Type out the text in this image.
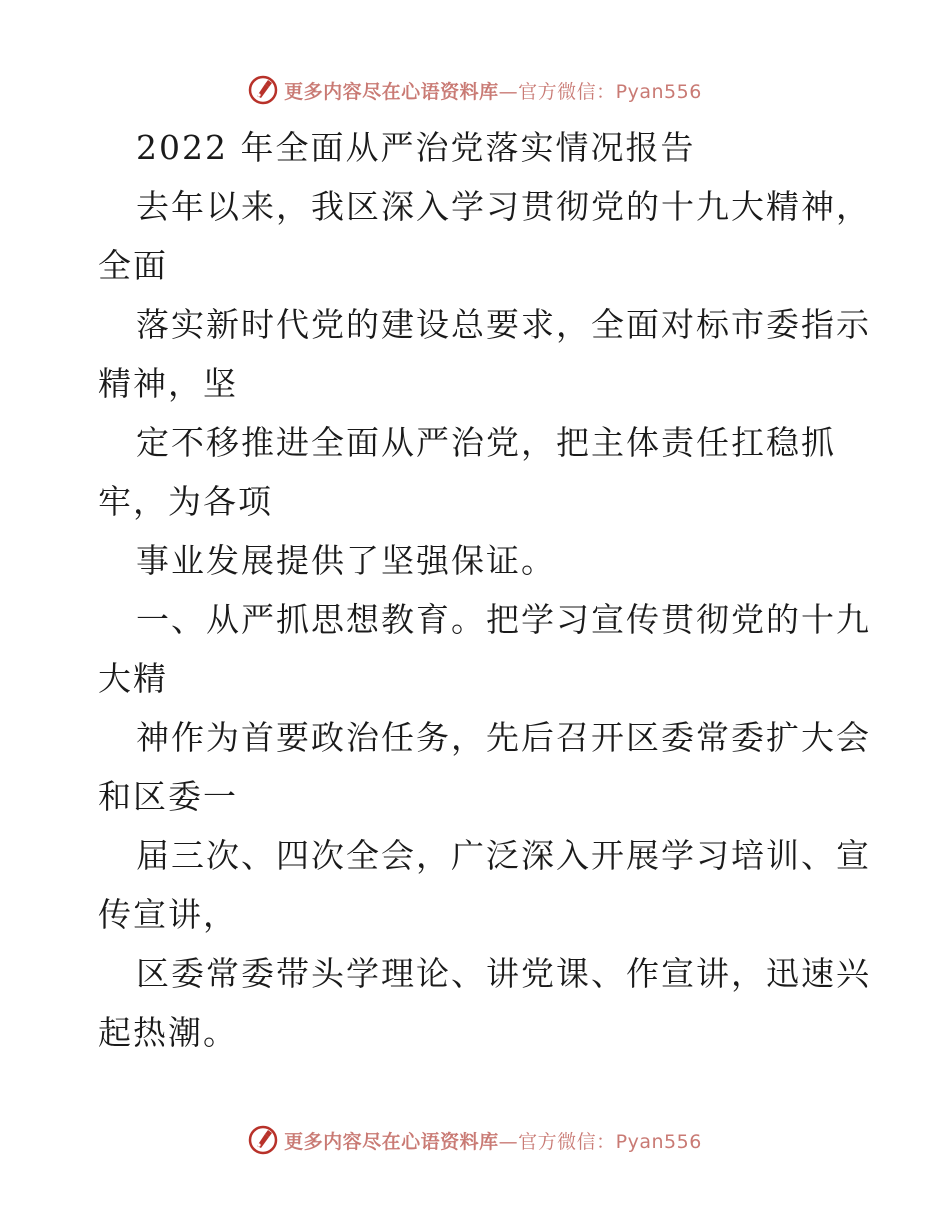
更多内容尽在心语资料库—官方微信：Pyan556
2022 年全面从严治党落实情况报告
去年以来，我区深入学习贯彻党的十九大精神，
全面
落实新时代党的建设总要求，全面对标市委指示
精神，坚
定不移推进全面从严治党，把主体责任扛稳抓
牢，为各项
事业发展提供了坚强保证。
一、从严抓思想教育。把学习宣传贯彻党的十九
大精
神作为首要政治任务，先后召开区委常委扩大会
和区委一
届三次、四次全会，广泛深入开展学习培训、宣
传宣讲，
区委常委带头学理论、讲党课、作宣讲，迅速兴
起热潮。
更多内容尽在心语资料库—官方微信：Pyan556
